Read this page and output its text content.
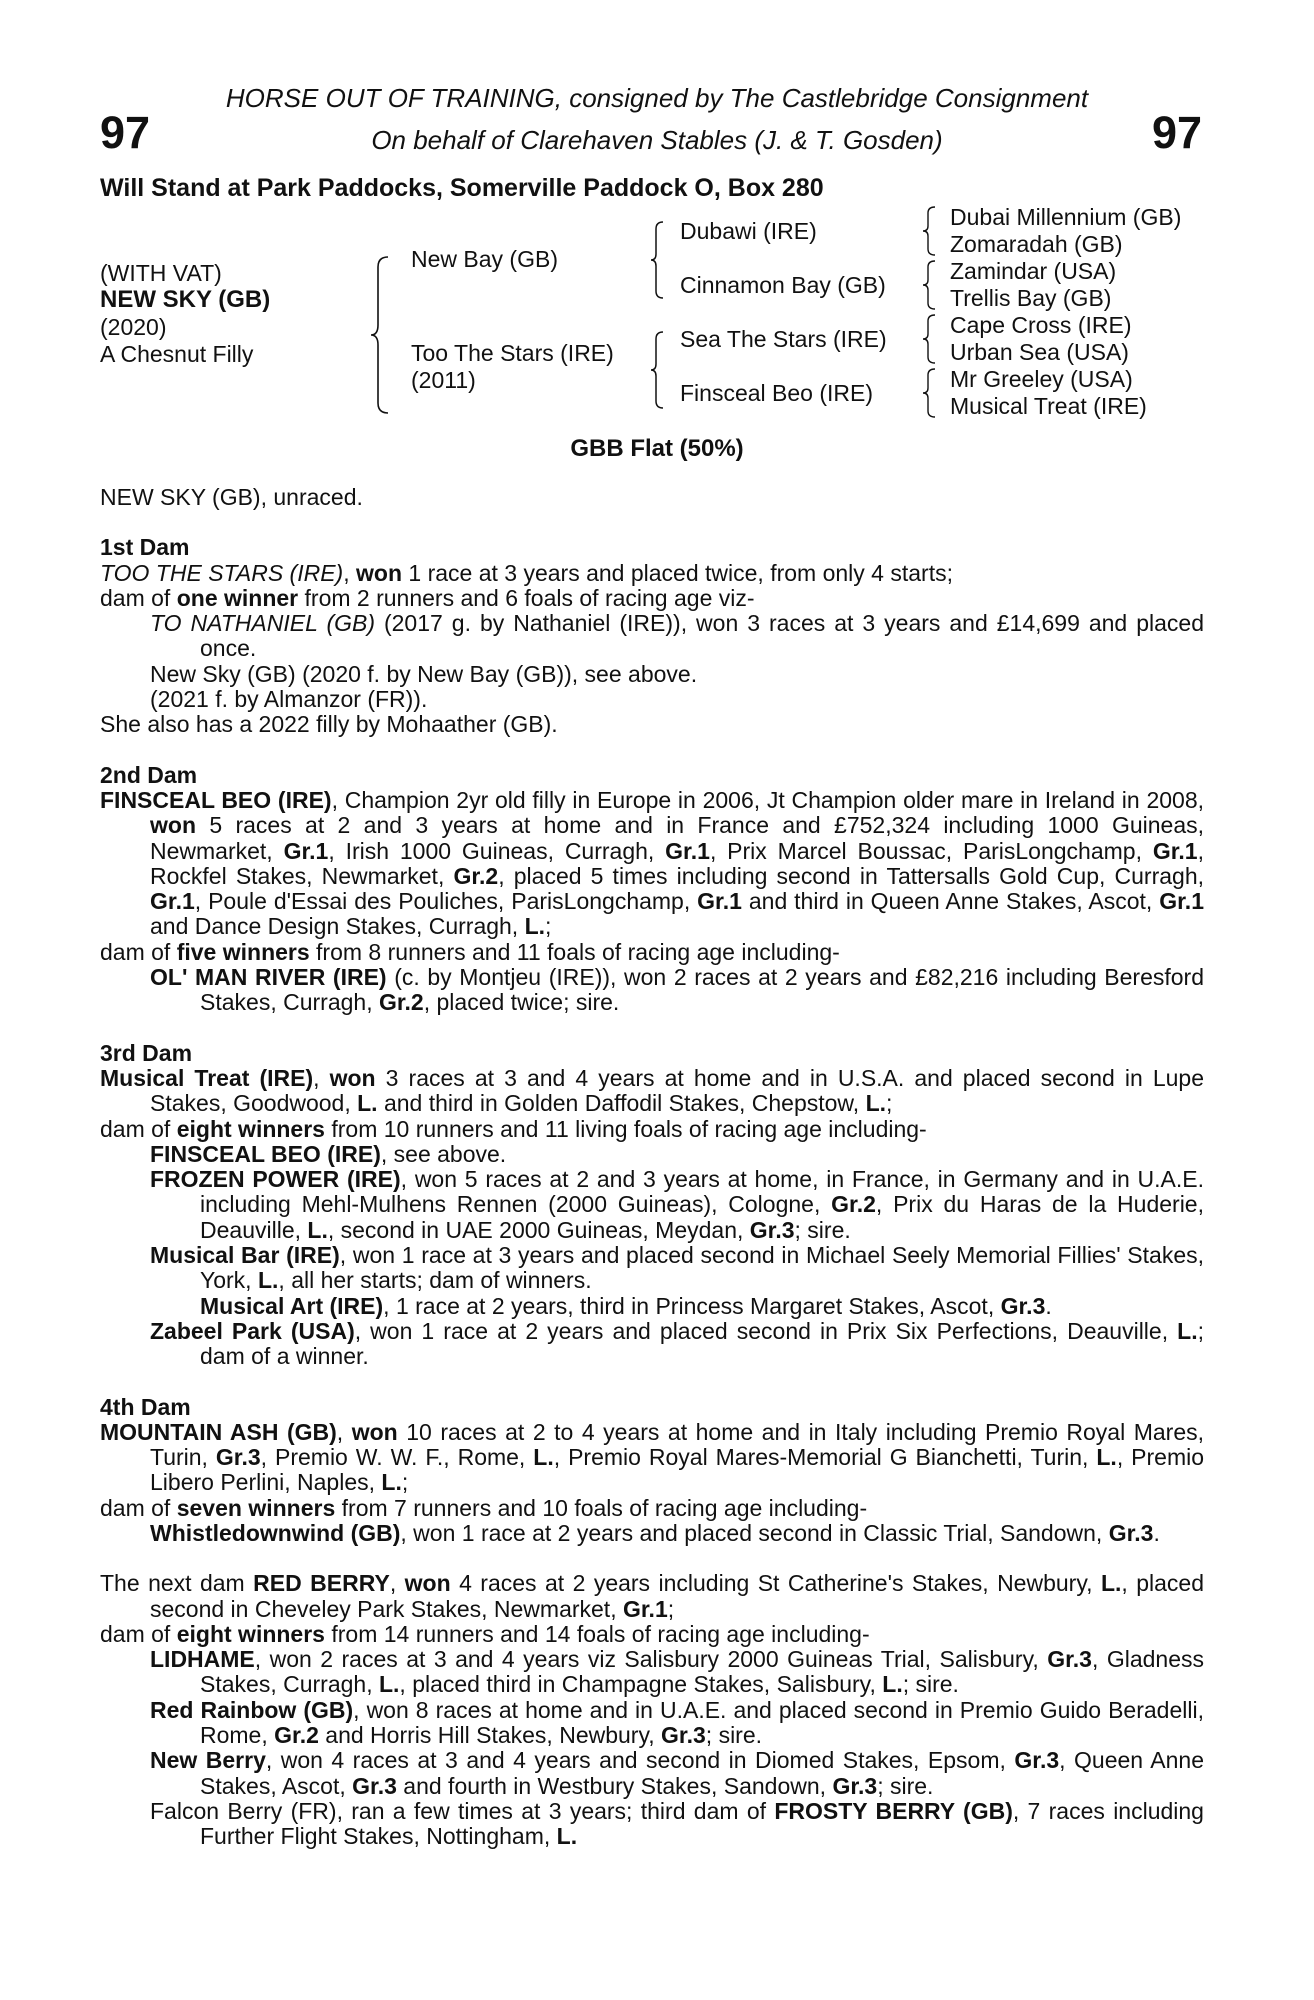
97	97
HORSE OUT OF TRAINING, consigned by The Castlebridge Consignment
On behalf of Clarehaven Stables (J. & T. Gosden)
Will Stand at Park Paddocks, Somerville Paddock O, Box 280
(WITH VAT)
NEW SKY (GB)
(2020)
A Chesnut Filly
New Bay (GB)
Too The Stars (IRE)
(2011)
Dubawi (IRE)
Cinnamon Bay (GB)
Sea The Stars (IRE)
Finsceal Beo (IRE)
Dubai Millennium (GB)
Zomaradah (GB)
Zamindar (USA)
Trellis Bay (GB)
Cape Cross (IRE)
Urban Sea (USA)
Mr Greeley (USA)
Musical Treat (IRE)
GBB Flat (50%)

NEW SKY (GB), unraced.

1st Dam

TOO THE STARS (IRE), won 1 race at 3 years and placed twice, from only 4 starts;

dam of one winner from 2 runners and 6 foals of racing age viz-

TO NATHANIEL (GB) (2017 g. by Nathaniel (IRE)), won 3 races at 3 years and £14,699 and placed once.

New Sky (GB) (2020 f. by New Bay (GB)), see above.

(2021 f. by Almanzor (FR)).

She also has a 2022 filly by Mohaather (GB).

2nd Dam

FINSCEAL BEO (IRE), Champion 2yr old filly in Europe in 2006, Jt Champion older mare in Ireland in 2008, won 5 races at 2 and 3 years at home and in France and £752,324 including 1000 Guineas, Newmarket, Gr.1, Irish 1000 Guineas, Curragh, Gr.1, Prix Marcel Boussac, ParisLongchamp, Gr.1, Rockfel Stakes, Newmarket, Gr.2, placed 5 times including second in Tattersalls Gold Cup, Curragh, Gr.1, Poule d'Essai des Pouliches, ParisLongchamp, Gr.1 and third in Queen Anne Stakes, Ascot, Gr.1 and Dance Design Stakes, Curragh, L.;

dam of five winners from 8 runners and 11 foals of racing age including-

OL' MAN RIVER (IRE) (c. by Montjeu (IRE)), won 2 races at 2 years and £82,216 including Beresford Stakes, Curragh, Gr.2, placed twice; sire.

3rd Dam

Musical Treat (IRE), won 3 races at 3 and 4 years at home and in U.S.A. and placed second in Lupe Stakes, Goodwood, L. and third in Golden Daffodil Stakes, Chepstow, L.;

dam of eight winners from 10 runners and 11 living foals of racing age including-

FINSCEAL BEO (IRE), see above.

FROZEN POWER (IRE), won 5 races at 2 and 3 years at home, in France, in Germany and in U.A.E. including Mehl-Mulhens Rennen (2000 Guineas), Cologne, Gr.2, Prix du Haras de la Huderie, Deauville, L., second in UAE 2000 Guineas, Meydan, Gr.3; sire.

Musical Bar (IRE), won 1 race at 3 years and placed second in Michael Seely Memorial Fillies' Stakes, York, L., all her starts; dam of winners.

Musical Art (IRE), 1 race at 2 years, third in Princess Margaret Stakes, Ascot, Gr.3.

Zabeel Park (USA), won 1 race at 2 years and placed second in Prix Six Perfections, Deauville, L.; dam of a winner.

4th Dam

MOUNTAIN ASH (GB), won 10 races at 2 to 4 years at home and in Italy including Premio Royal Mares, Turin, Gr.3, Premio W. W. F., Rome, L., Premio Royal Mares-Memorial G Bianchetti, Turin, L., Premio Libero Perlini, Naples, L.;

dam of seven winners from 7 runners and 10 foals of racing age including-

Whistledownwind (GB), won 1 race at 2 years and placed second in Classic Trial, Sandown, Gr.3.

The next dam RED BERRY, won 4 races at 2 years including St Catherine's Stakes, Newbury, L., placed second in Cheveley Park Stakes, Newmarket, Gr.1;

dam of eight winners from 14 runners and 14 foals of racing age including-

LIDHAME, won 2 races at 3 and 4 years viz Salisbury 2000 Guineas Trial, Salisbury, Gr.3, Gladness Stakes, Curragh, L., placed third in Champagne Stakes, Salisbury, L.; sire.

Red Rainbow (GB), won 8 races at home and in U.A.E. and placed second in Premio Guido Beradelli, Rome, Gr.2 and Horris Hill Stakes, Newbury, Gr.3; sire.

New Berry, won 4 races at 3 and 4 years and second in Diomed Stakes, Epsom, Gr.3, Queen Anne Stakes, Ascot, Gr.3 and fourth in Westbury Stakes, Sandown, Gr.3; sire.

Falcon Berry (FR), ran a few times at 3 years; third dam of FROSTY BERRY (GB), 7 races including Further Flight Stakes, Nottingham, L.
